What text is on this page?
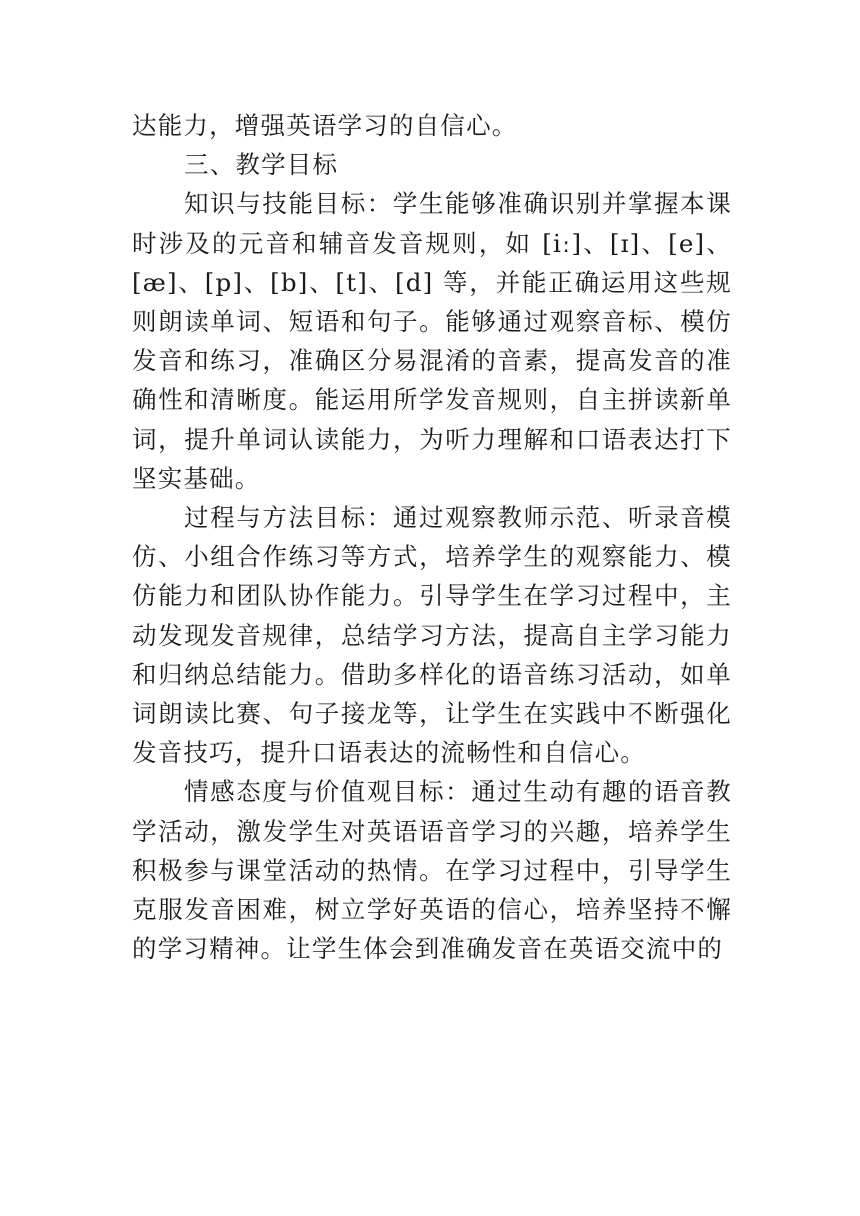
达能力，增强英语学习的自信心。

三、教学目标

知识与技能目标：学生能够准确识别并掌握本课时涉及的元音和辅音发音规则，如 [iː]、[ɪ]、[e]、[æ]、[p]、[b]、[t]、[d] 等，并能正确运用这些规则朗读单词、短语和句子。能够通过观察音标、模仿发音和练习，准确区分易混淆的音素，提高发音的准确性和清晰度。能运用所学发音规则，自主拼读新单词，提升单词认读能力，为听力理解和口语表达打下坚实基础。

过程与方法目标：通过观察教师示范、听录音模仿、小组合作练习等方式，培养学生的观察能力、模仿能力和团队协作能力。引导学生在学习过程中，主动发现发音规律，总结学习方法，提高自主学习能力和归纳总结能力。借助多样化的语音练习活动，如单词朗读比赛、句子接龙等，让学生在实践中不断强化发音技巧，提升口语表达的流畅性和自信心。

情感态度与价值观目标：通过生动有趣的语音教学活动，激发学生对英语语音学习的兴趣，培养学生积极参与课堂活动的热情。在学习过程中，引导学生克服发音困难，树立学好英语的信心，培养坚持不懈的学习精神。让学生体会到准确发音在英语交流中的
